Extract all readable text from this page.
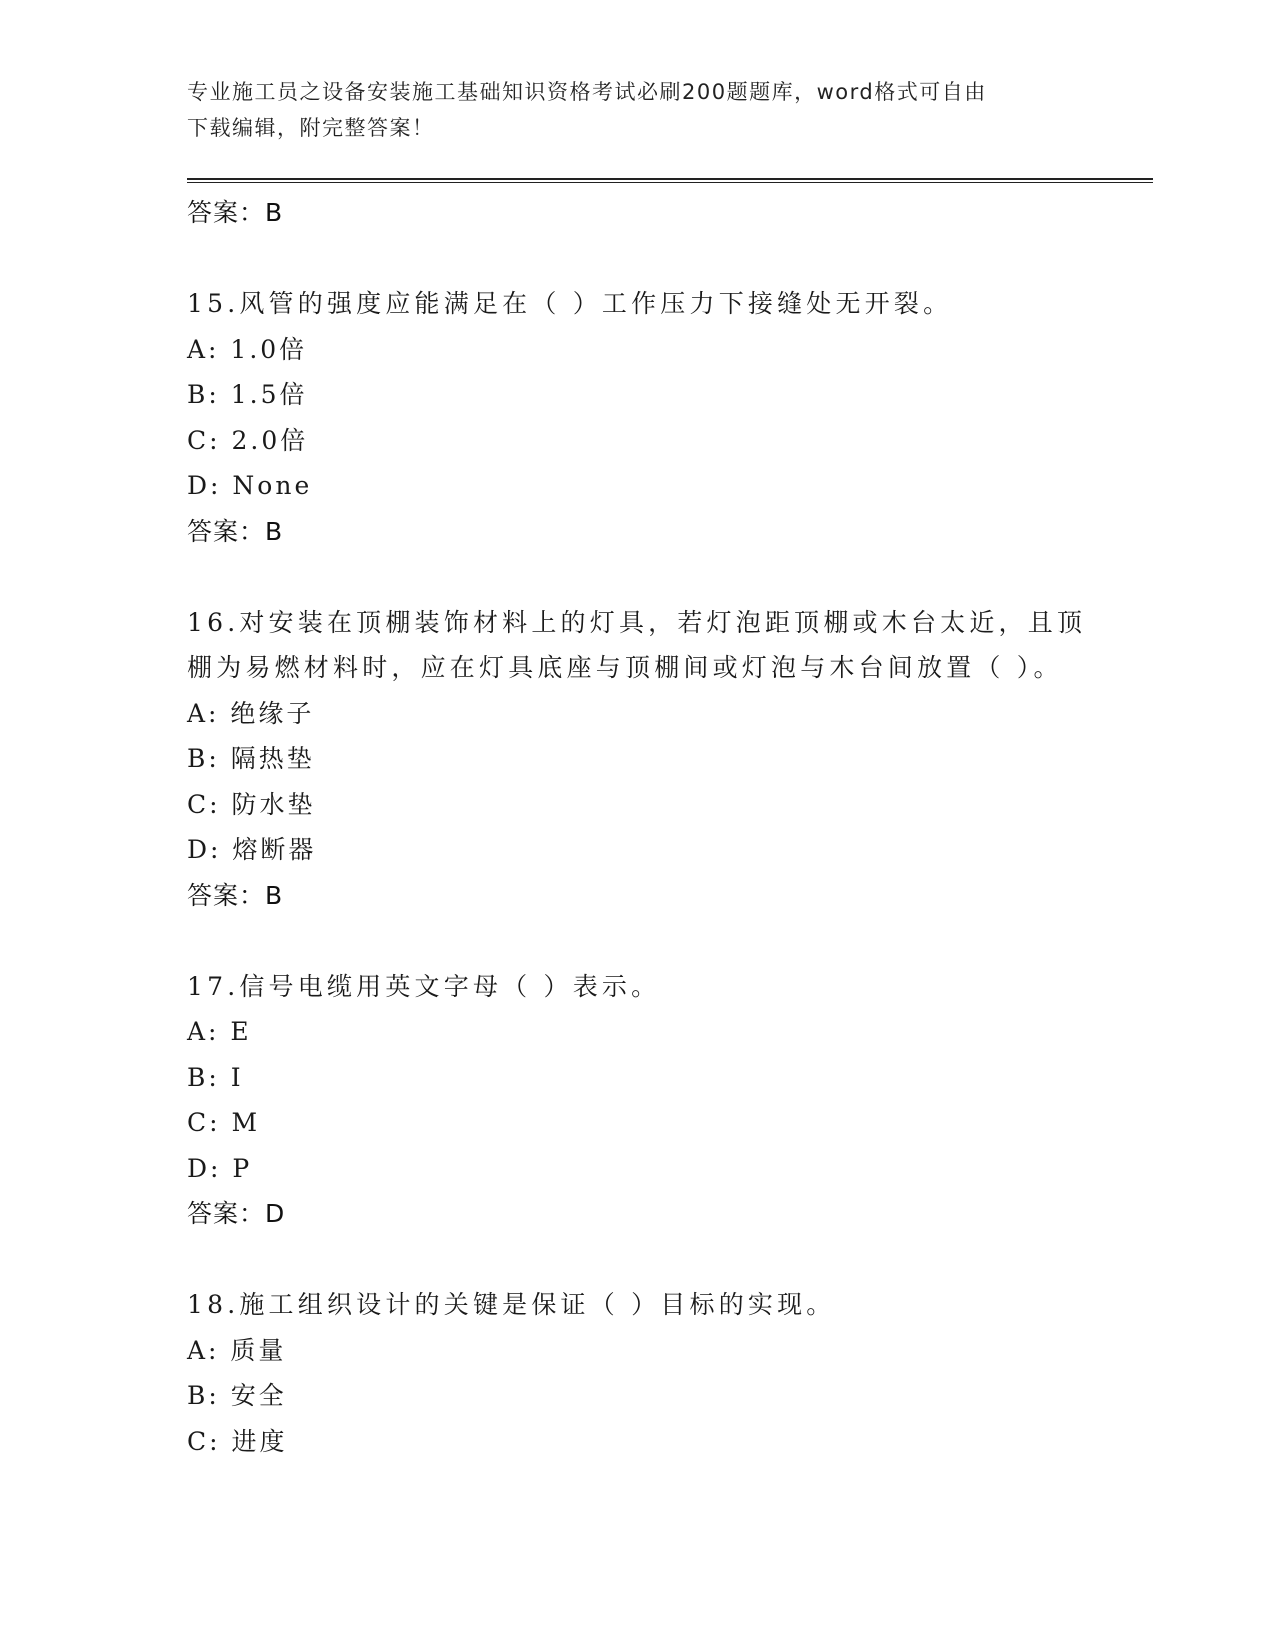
专业施工员之设备安装施工基础知识资格考试必刷200题题库，word格式可自由
下载编辑，附完整答案！
答案：B
15.风管的强度应能满足在（ ）工作压力下接缝处无开裂。
A: 1.0倍
B: 1.5倍
C: 2.0倍
D: None
答案：B
16.对安装在顶棚装饰材料上的灯具，若灯泡距顶棚或木台太近，且顶棚为易燃材料时，应在灯具底座与顶棚间或灯泡与木台间放置（ ）。
A: 绝缘子
B: 隔热垫
C: 防水垫
D: 熔断器
答案：B
17.信号电缆用英文字母（ ）表示。
A: E
B: I
C: M
D: P
答案：D
18.施工组织设计的关键是保证（ ）目标的实现。
A: 质量
B: 安全
C: 进度
